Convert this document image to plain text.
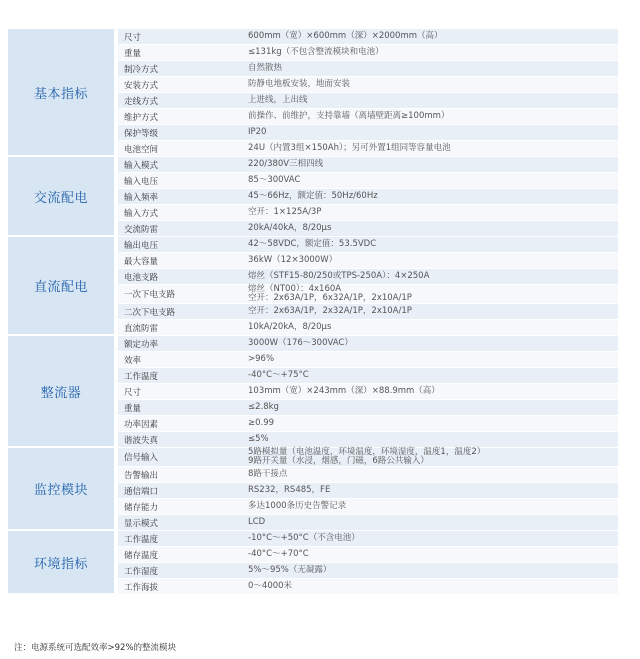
基本指标		尺寸	600mm（宽）×600mm（深）×2000mm（高）

		重量	≤131kg（不包含整流模块和电池）

		制冷方式	自然散热

		安装方式	防静电地板安装，地面安装

		走线方式	上进线，上出线

		维护方式	前操作、前维护，支持靠墙（离墙壁距离≥100mm）

		保护等级	IP20

		电池空间	24U（内置3组×150Ah）；另可外置1组同等容量电池

交流配电		输入模式	220/380V三相四线

		输入电压	85～300VAC

		输入频率	45～66Hz，额定值：50Hz/60Hz

		输入方式	空开：1×125A/3P

		交流防雷	20kA/40kA，8/20μs

直流配电		输出电压	42～58VDC，额定值：53.5VDC

		最大容量	36kW（12×3000W）

		电池支路	熔丝（STF15-80/250或TPS-250A）：4×250A

		一次下电支路	熔丝（NT00）：4x160A
空开：2x63A/1P，6x32A/1P，2x10A/1P

		二次下电支路	空开：2x63A/1P，2x32A/1P，2x10A/1P

		直流防雷	10kA/20kA，8/20μs

整流器		额定功率	3000W（176～300VAC）

		效率	>96%

		工作温度	-40°C～+75°C

		尺寸	103mm（宽）×243mm（深）×88.9mm（高）

		重量	≤2.8kg

		功率因素	≥0.99

		谐波失真	≤5%

监控模块		信号输入	5路模拟量（电池温度，环境温度，环境湿度，温度1，温度2）
9路开关量（水浸，烟感，门磁，6路公共输入）

		告警输出	8路干接点

		通信端口	RS232，RS485，FE

		储存能力	多达1000条历史告警记录

		显示模式	LCD

环境指标		工作温度	-10°C～+50°C（不含电池）

		储存温度	-40°C～+70°C

		工作湿度	5%～95%（无凝露）

		工作海拔	0～4000米
注：电源系统可选配效率>92%的整流模块
